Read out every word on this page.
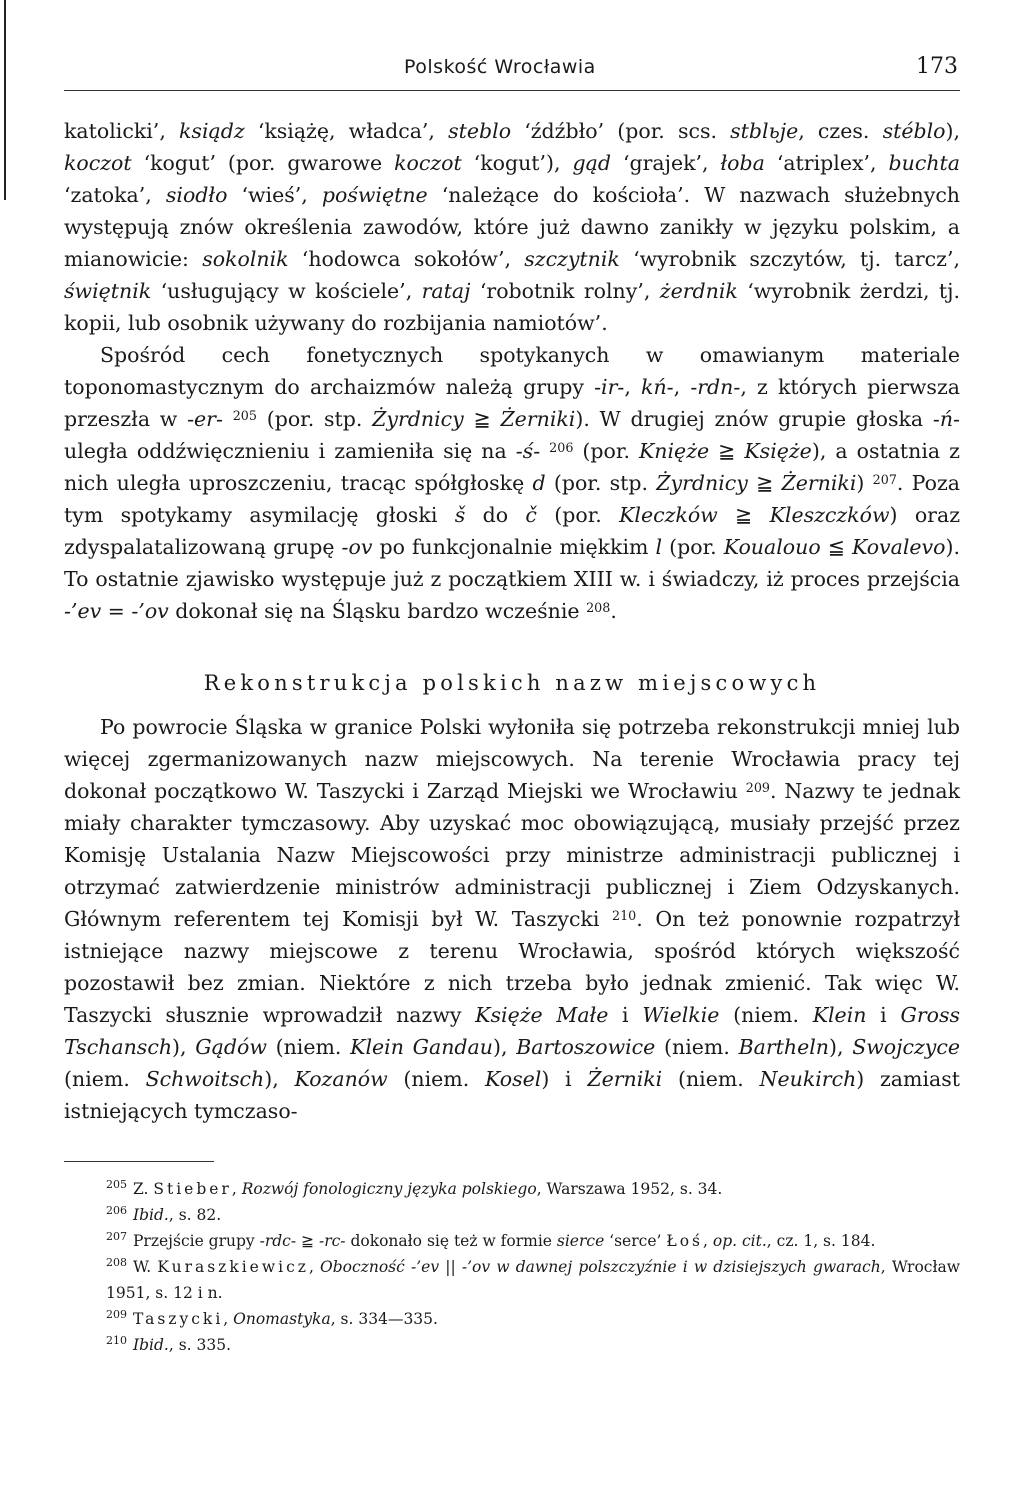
Polskość Wrocławia	173

katolicki’, ksiądz ‘książę, władca’, steblo ‘źdźbło’ (por. scs. stblьje, czes. stéblo), koczot ‘kogut’ (por. gwarowe koczot ‘kogut’), gąd ‘grajek’, łoba ‘atriplex’, buchta ‘zatoka’, siodło ‘wieś’, poświętne ‘należące do kościoła’. W nazwach służebnych występują znów określenia zawodów, które już dawno zanikły w języku polskim, a mianowicie: sokolnik ‘hodowca sokołów’, szczytnik ‘wyrobnik szczytów, tj. tarcz’, świętnik ‘usługujący w kościele’, rataj ‘robotnik rolny’, żerdnik ‘wyrobnik żerdzi, tj. kopii, lub osobnik używany do rozbijania namiotów’.

Spośród cech fonetycznych spotykanych w omawianym materiale toponomastycznym do archaizmów należą grupy -ir-, kń-, -rdn-, z których pierwsza przeszła w -er- $^{205}$ (por. stp. Żyrdnicy ≧ Żerniki). W drugiej znów grupie głoska -ń- uległa oddźwięcznieniu i zamieniła się na -ś- $^{206}$ (por. Knięże ≧ Księże), a ostatnia z nich uległa uproszczeniu, tracąc spółgłoskę d (por. stp. Żyrdnicy ≧ Żerniki) $^{207}$. Poza tym spotykamy asymilację głoski š do č (por. Kleczków ≧ Kleszczków) oraz zdyspalatalizowaną grupę -ov po funkcjonalnie miękkim l (por. Koualouo ≦ Kovalevo). To ostatnie zjawisko występuje już z początkiem XIII w. i świadczy, iż proces przejścia -’ev = -’ov dokonał się na Śląsku bardzo wcześnie $^{208}$.

Rekonstrukcja polskich nazw miejscowych

Po powrocie Śląska w granice Polski wyłoniła się potrzeba rekonstrukcji mniej lub więcej zgermanizowanych nazw miejscowych. Na terenie Wrocławia pracy tej dokonał początkowo W. Taszycki i Zarząd Miejski we Wrocławiu $^{209}$. Nazwy te jednak miały charakter tymczasowy. Aby uzyskać moc obowiązującą, musiały przejść przez Komisję Ustalania Nazw Miejscowości przy ministrze administracji publicznej i otrzymać zatwierdzenie ministrów administracji publicznej i Ziem Odzyskanych. Głównym referentem tej Komisji był W. Taszycki $^{210}$. On też ponownie rozpatrzył istniejące nazwy miejscowe z terenu Wrocławia, spośród których większość pozostawił bez zmian. Niektóre z nich trzeba było jednak zmienić. Tak więc W. Taszycki słusznie wprowadził nazwy Księże Małe i Wielkie (niem. Klein i Gross Tschansch), Gądów (niem. Klein Gandau), Bartoszowice (niem. Bartheln), Swojczyce (niem. Schwoitsch), Kozanów (niem. Kosel) i Żerniki (niem. Neukirch) zamiast istniejących tymczaso-

$^{205}$ Z. Stieber, Rozwój fonologiczny języka polskiego, Warszawa 1952, s. 34.

$^{206}$ Ibid., s. 82.

$^{207}$ Przejście grupy -rdc- ≧ -rc- dokonało się też w formie sierce ‘serce’ Łoś, op. cit., cz. 1, s. 184.

$^{208}$ W. Kuraszkiewicz, Oboczność -’ev || -’ov w dawnej polszczyźnie i w dzisiejszych gwarach, Wrocław 1951, s. 12 i n.

$^{209}$ Taszycki, Onomastyka, s. 334—335.

$^{210}$ Ibid., s. 335.
